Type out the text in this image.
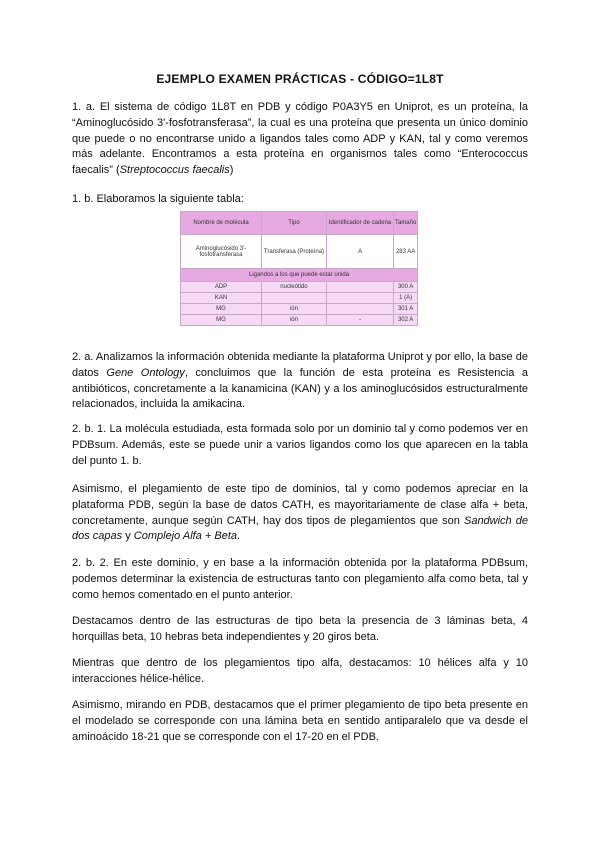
EJEMPLO EXAMEN PRÁCTICAS - CÓDIGO=1L8T

1. a. El sistema de código 1L8T en PDB y código P0A3Y5 en Uniprot, es un proteína, la “Aminoglucósido 3'-fosfotransferasa”, la cual es una proteína que presenta un único dominio que puede o no encontrarse unido a ligandos tales como ADP y KAN, tal y como veremos más adelante. Encontramos a esta proteína en organismos tales como “Enterococcus faecalis” (Streptococcus faecalis)

1. b. Elaboramos la siguiente tabla:

Nombre de molécula	Tipo	Identificador de cadena	Tamaño
Aminoglucósido 3'-fosfotransferasa	Transferasa (Proteína)	A	283 AA
Ligandos a los que puede estar unida			
ADP	nucleótido		300 A
KAN			1 (A)
MG	ión		301 A
MG	ión	-	302 A

2. a. Analizamos la información obtenida mediante la plataforma Uniprot y por ello, la base de datos Gene Ontology, concluimos que la función de esta proteína es Resistencia a antibióticos, concretamente a la kanamicina (KAN) y a los aminoglucósidos estructuralmente relacionados, incluida la amikacina.

2. b. 1. La molécula estudiada, esta formada solo por un dominio tal y como podemos ver en PDBsum. Además, este se puede unir a varios ligandos como los que aparecen en la tabla del punto 1. b.

Asimismo, el plegamiento de este tipo de dominios, tal y como podemos apreciar en la plataforma PDB, según la base de datos CATH, es mayoritariamente de clase alfa + beta, concretamente, aunque según CATH, hay dos tipos de plegamientos que son Sandwich de dos capas y Complejo Alfa + Beta.

2. b. 2. En este dominio, y en base a la información obtenida por la plataforma PDBsum, podemos determinar la existencia de estructuras tanto con plegamiento alfa como beta, tal y como hemos comentado en el punto anterior.

Destacamos dentro de las estructuras de tipo beta la presencia de 3 láminas beta, 4 horquillas beta, 10 hebras beta independientes y 20 giros beta.

Mientras que dentro de los plegamientos tipo alfa, destacamos: 10 hélices alfa y 10 interacciones hélice-hélice.

Asimismo, mirando en PDB, destacamos que el primer plegamiento de tipo beta presente en el modelado se corresponde con una lámina beta en sentido antiparalelo que va desde el aminoácido 18-21 que se corresponde con el 17-20 en el PDB.
